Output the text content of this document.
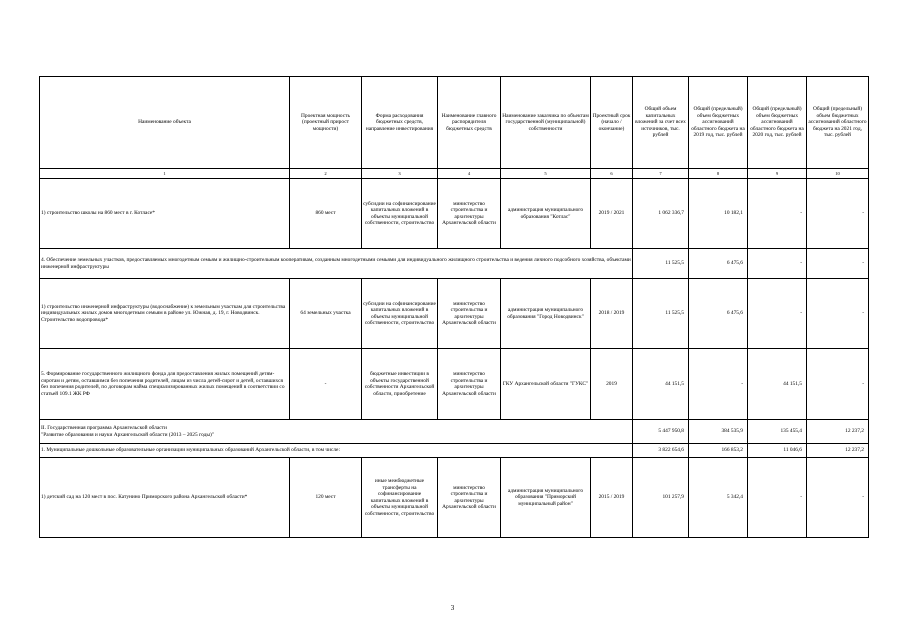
Наименование объекта	Проектная мощность (проектный прирост мощности)	Форма расходования бюджетных средств, направление инвестирования	Наименование главного распорядителя бюджетных средств	Наименование заказчика по объектам государственной (муниципальной) собственности	Проектный срок (начало / окончание)	Общий объем капитальных вложений за счет всех источников, тыс. рублей	Общий (предельный) объем бюджетных ассигнований областного бюджета на 2019 год, тыс. рублей	Общий (предельный) объем бюджетных ассигнований областного бюджета на 2020 год, тыс. рублей	Общий (предельный) объем бюджетных ассигнований областного бюджета на 2021 год, тыс. рублей
1	2	3	4	5	6	7	8	9	10
1) строительство школы на 860 мест в г. Котласе*	860 мест	субсидии на софинансирование капитальных вложений в объекты муниципальной собственности, строительство	министерство строительства и архитектуры Архангельской области	администрация муниципального образования "Котлас"	2019 / 2021	1 062 336,7	10 182,1	-	-
4. Обеспечение земельных участков, предоставляемых многодетным семьям и жилищно-строительным кооперативам, созданным многодетными семьями для индивидуального жилищного строительства и ведения личного подсобного хозяйства, объектами инженерной инфраструктуры						11 525,5	6 475,6	-	-
1) строительство инженерной инфраструктуры (водоснабжение) к земельным участкам для строительства индивидуальных жилых домов многодетным семьям в районе ул. Южная, д. 19, г. Новодвинск. Строительство водопровода*	64 земельных участка	субсидии на софинансирование капитальных вложений в объекты муниципальной собственности, строительство	министерство строительства и архитектуры Архангельской области	администрация муниципального образования "Город Новодвинск"	2018 / 2019	11 525,5	6 475,6	-	-
5. Формирование государственного жилищного фонда для предоставления жилых помещений детям-сиротам и детям, оставшимся без попечения родителей, лицам из числа детей-сирот и детей, оставшихся без попечения родителей, по договорам найма специализированных жилых помещений в соответствии со статьей 109.1 ЖК РФ	-	бюджетные инвестиции в объекты государственной собственности Архангельской области, приобретение	министерство строительства и архитектуры Архангельской области	ГКУ Архангельской области "ГУКС"	2019	44 151,5	-	44 151,5	-
II. Государственная программа Архангельской области
"Развитие образования и науки Архангельской области (2013 – 2025 годы)"						5 447 950,8	384 535,9	135 455,4	12 237,2
1. Муниципальные дошкольные образовательные организации муниципальных образований Архангельской области, в том числе:						3 822 654,6	166 853,2	11 046,6	12 237,2
1) детский сад на 120 мест в пос. Катунино Приморского района Архангельской области*	120 мест	иные межбюджетные трансферты на софинансирование капитальных вложений в объекты муниципальной собственности, строительство	министерство строительства и архитектуры Архангельской области	администрация муниципального образования "Приморский муниципальный район"	2015 / 2019	101 257,9	5 342,4	-	-
3
